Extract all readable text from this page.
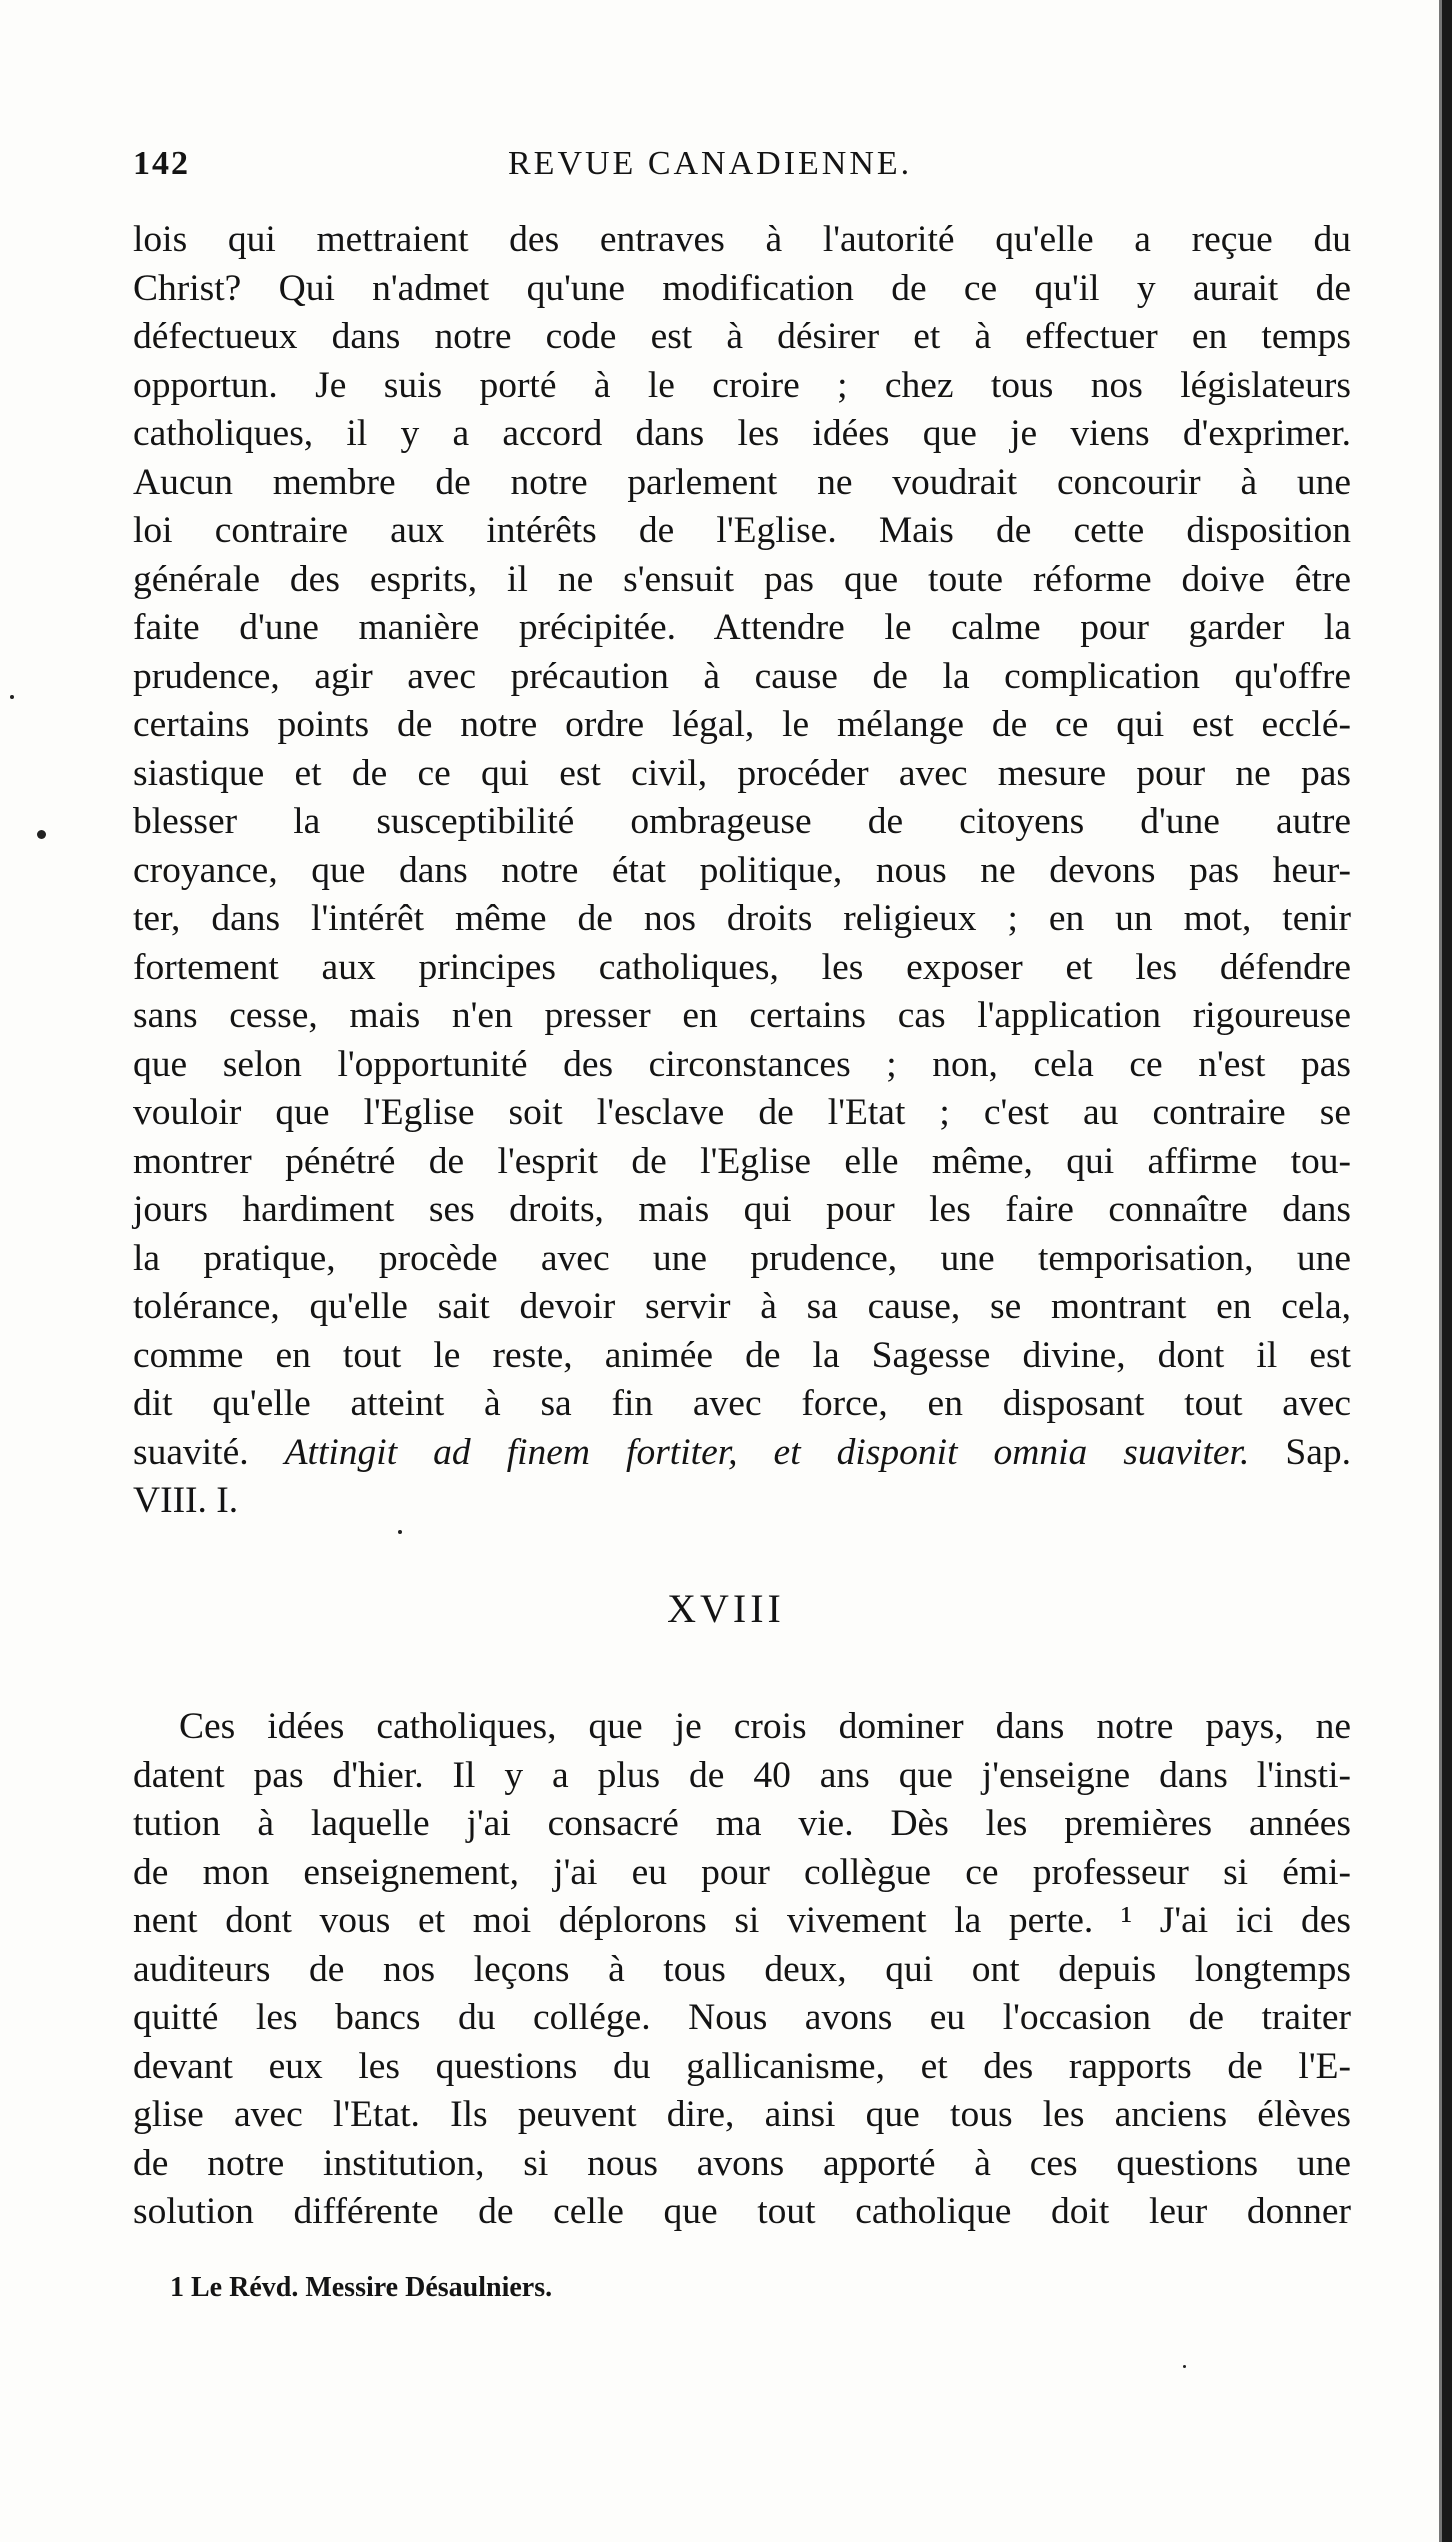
142	REVUE CANADIENNE.
lois qui mettraient des entraves à l'autorité qu'elle a reçue du
Christ? Qui n'admet qu'une modification de ce qu'il y aurait de
défectueux dans notre code est à désirer et à effectuer en temps
opportun. Je suis porté à le croire ; chez tous nos législateurs
catholiques, il y a accord dans les idées que je viens d'exprimer.
Aucun membre de notre parlement ne voudrait concourir à une
loi contraire aux intérêts de l'Eglise. Mais de cette disposition
générale des esprits, il ne s'ensuit pas que toute réforme doive être
faite d'une manière précipitée. Attendre le calme pour garder la
prudence, agir avec précaution à cause de la complication qu'offre
certains points de notre ordre légal, le mélange de ce qui est ecclé-
siastique et de ce qui est civil, procéder avec mesure pour ne pas
blesser la susceptibilité ombrageuse de citoyens d'une autre
croyance, que dans notre état politique, nous ne devons pas heur-
ter, dans l'intérêt même de nos droits religieux ; en un mot, tenir
fortement aux principes catholiques, les exposer et les défendre
sans cesse, mais n'en presser en certains cas l'application rigoureuse
que selon l'opportunité des circonstances ; non, cela ce n'est pas
vouloir que l'Eglise soit l'esclave de l'Etat ; c'est au contraire se
montrer pénétré de l'esprit de l'Eglise elle même, qui affirme tou-
jours hardiment ses droits, mais qui pour les faire connaître dans
la pratique, procède avec une prudence, une temporisation, une
tolérance, qu'elle sait devoir servir à sa cause, se montrant en cela,
comme en tout le reste, animée de la Sagesse divine, dont il est
dit qu'elle atteint à sa fin avec force, en disposant tout avec
suavité. Attingit ad finem fortiter, et disponit omnia suaviter. Sap.
VIII. I.
XVIII
Ces idées catholiques, que je crois dominer dans notre pays, ne
datent pas d'hier. Il y a plus de 40 ans que j'enseigne dans l'insti-
tution à laquelle j'ai consacré ma vie. Dès les premières années
de mon enseignement, j'ai eu pour collègue ce professeur si émi-
nent dont vous et moi déplorons si vivement la perte. ¹ J'ai ici des
auditeurs de nos leçons à tous deux, qui ont depuis longtemps
quitté les bancs du collége. Nous avons eu l'occasion de traiter
devant eux les questions du gallicanisme, et des rapports de l'E-
glise avec l'Etat. Ils peuvent dire, ainsi que tous les anciens élèves
de notre institution, si nous avons apporté à ces questions une
solution différente de celle que tout catholique doit leur donner
1 Le Révd. Messire Désaulniers.
